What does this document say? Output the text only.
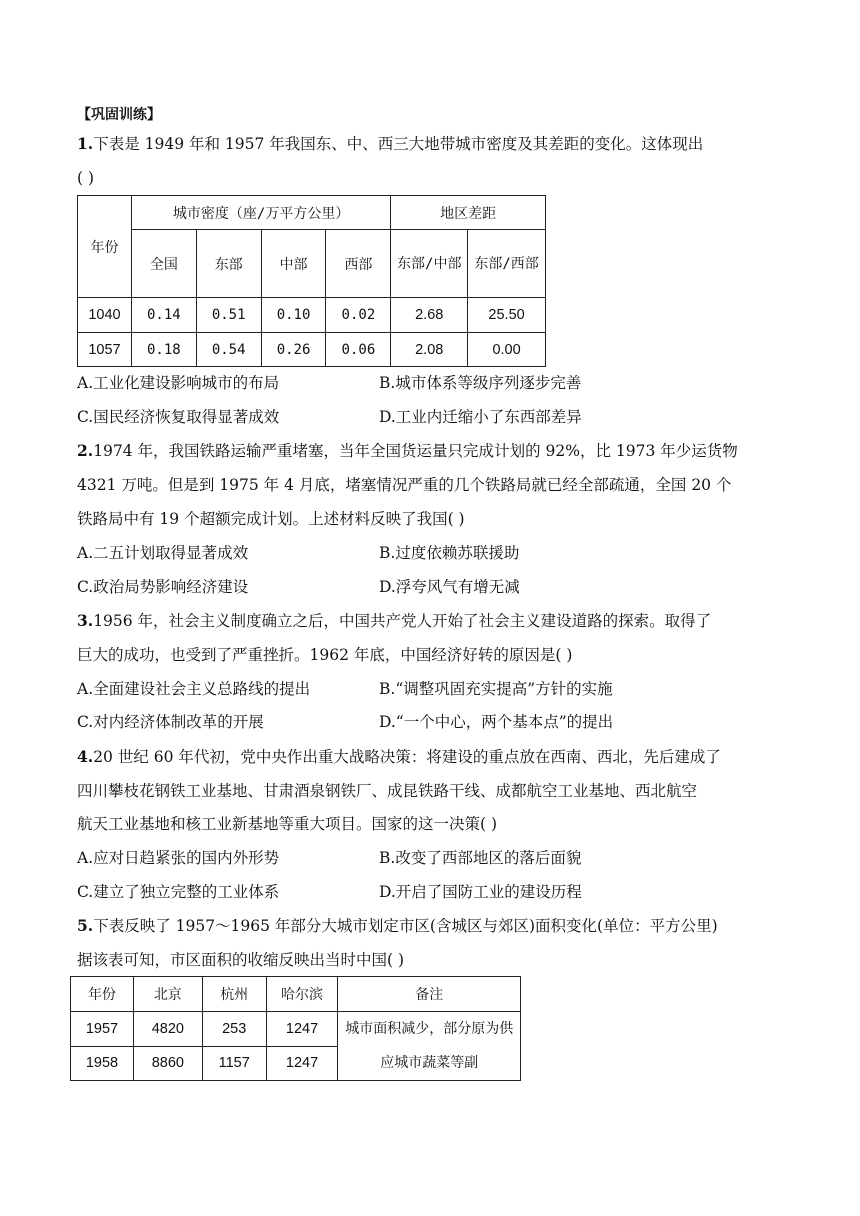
【巩固训练】
1.下表是 1949 年和 1957 年我国东、中、西三大地带城市密度及其差距的变化。这体现出
( )
年份	城市密度（座/万平方公里）				地区差距	
	全国	东部	中部	西部	东部/中部	东部/西部
1040	0.14	0.51	0.10	0.02	2.68	25.50
1057	0.18	0.54	0.26	0.06	2.08	0.00
A.工业化建设影响城市的布局	B.城市体系等级序列逐步完善
C.国民经济恢复取得显著成效	D.工业内迁缩小了东西部差异
2.1974 年，我国铁路运输严重堵塞，当年全国货运量只完成计划的 92%，比 1973 年少运货物
4321 万吨。但是到 1975 年 4 月底，堵塞情况严重的几个铁路局就已经全部疏通，全国 20 个
铁路局中有 19 个超额完成计划。上述材料反映了我国( )
A.二五计划取得显著成效	B.过度依赖苏联援助
C.政治局势影响经济建设	D.浮夸风气有增无减
3.1956 年，社会主义制度确立之后，中国共产党人开始了社会主义建设道路的探索。取得了
巨大的成功，也受到了严重挫折。1962 年底，中国经济好转的原因是( )
A.全面建设社会主义总路线的提出	B.“调整巩固充实提高”方针的实施
C.对内经济体制改革的开展	D.“一个中心，两个基本点”的提出
4.20 世纪 60 年代初，党中央作出重大战略决策：将建设的重点放在西南、西北，先后建成了
四川攀枝花钢铁工业基地、甘肃酒泉钢铁厂、成昆铁路干线、成都航空工业基地、西北航空
航天工业基地和核工业新基地等重大项目。国家的这一决策( )
A.应对日趋紧张的国内外形势	B.改变了西部地区的落后面貌
C.建立了独立完整的工业体系	D.开启了国防工业的建设历程
5.下表反映了 1957～1965 年部分大城市划定市区(含城区与郊区)面积变化(单位：平方公里)
据该表可知，市区面积的收缩反映出当时中国( )
年份	北京	杭州	哈尔滨	备注
1957	4820	253	1247	城市面积减少，部分原为供应城市蔬菜等副
1958	8860	1157	1247	
